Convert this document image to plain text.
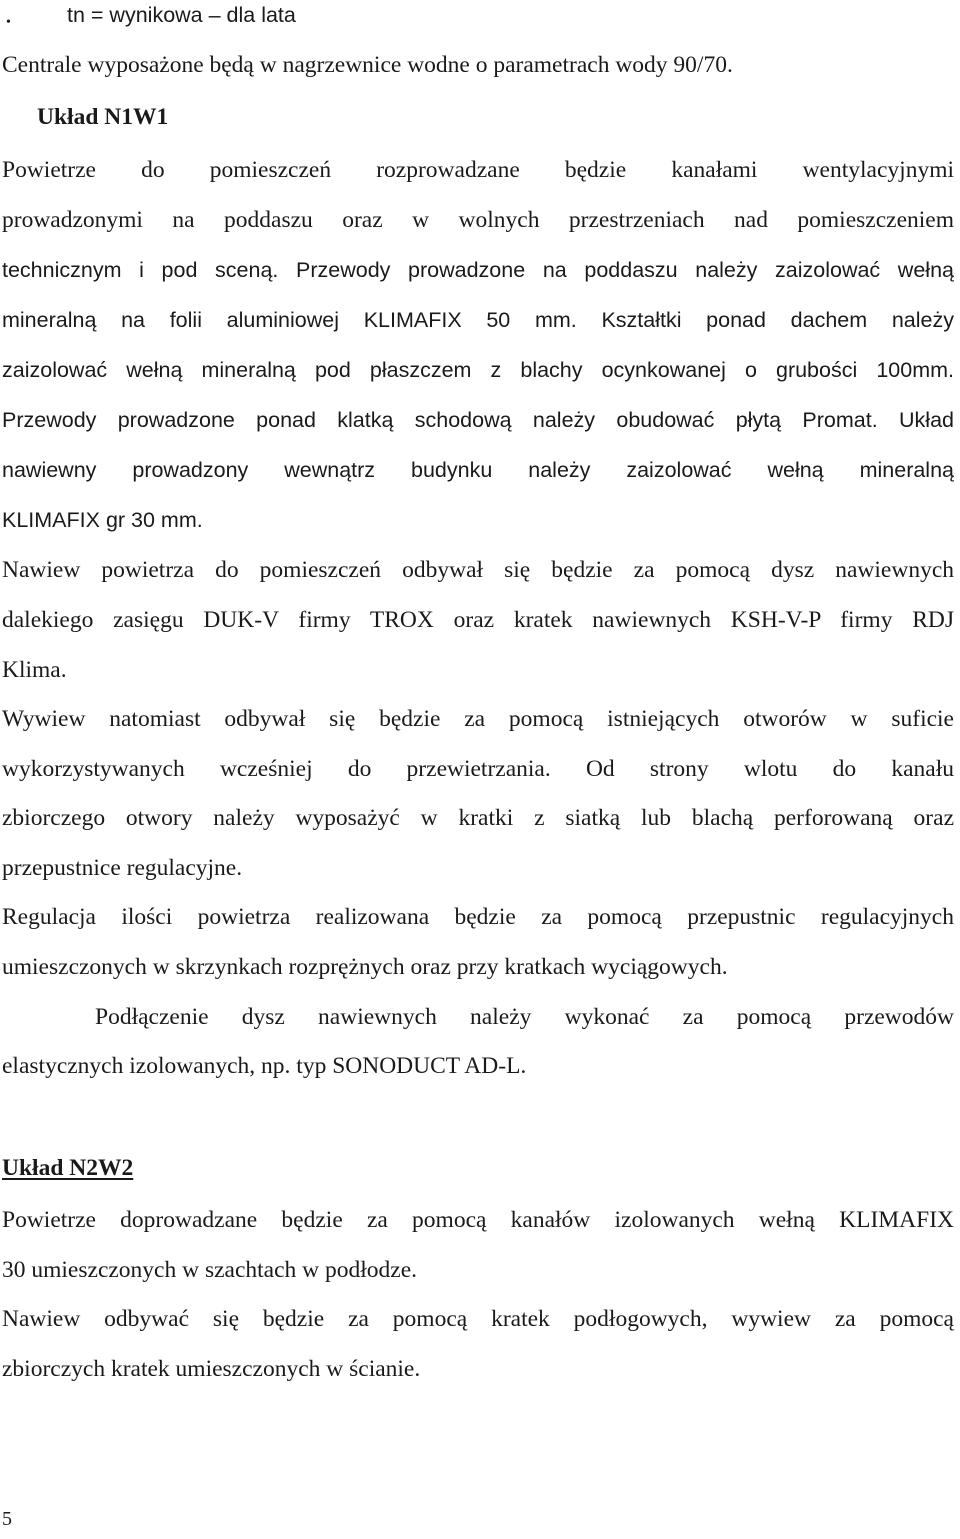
•	tn = wynikowa – dla lata
Centrale wyposażone będą w nagrzewnice wodne o parametrach wody 90/70.
Układ N1W1
Powietrze do pomieszczeń rozprowadzane będzie kanałami wentylacyjnymi
prowadzonymi na poddaszu oraz w wolnych przestrzeniach nad pomieszczeniem
technicznym i pod sceną. Przewody prowadzone na poddaszu należy zaizolować wełną
mineralną na folii aluminiowej KLIMAFIX 50 mm. Kształtki ponad dachem należy
zaizolować wełną mineralną pod płaszczem z blachy ocynkowanej o grubości 100mm.
Przewody prowadzone ponad klatką schodową należy obudować płytą Promat. Układ
nawiewny prowadzony wewnątrz budynku należy zaizolować wełną mineralną
KLIMAFIX gr 30 mm.
Nawiew powietrza do pomieszczeń odbywał się będzie za pomocą dysz nawiewnych
dalekiego zasięgu DUK-V firmy TROX oraz kratek nawiewnych KSH-V-P firmy RDJ
Klima.
Wywiew natomiast odbywał się będzie za pomocą istniejących otworów w suficie
wykorzystywanych wcześniej do przewietrzania. Od strony wlotu do kanału
zbiorczego otwory należy wyposażyć w kratki z siatką lub blachą perforowaną oraz
przepustnice regulacyjne.
Regulacja ilości powietrza realizowana będzie za pomocą przepustnic regulacyjnych
umieszczonych w skrzynkach rozprężnych oraz przy kratkach wyciągowych.
Podłączenie dysz nawiewnych należy wykonać za pomocą przewodów
elastycznych izolowanych, np. typ SONODUCT AD-L.
Układ N2W2
Powietrze doprowadzane będzie za pomocą kanałów izolowanych wełną KLIMAFIX
30 umieszczonych w szachtach w podłodze.
Nawiew odbywać się będzie za pomocą kratek podłogowych, wywiew za pomocą
zbiorczych kratek umieszczonych w ścianie.
5
